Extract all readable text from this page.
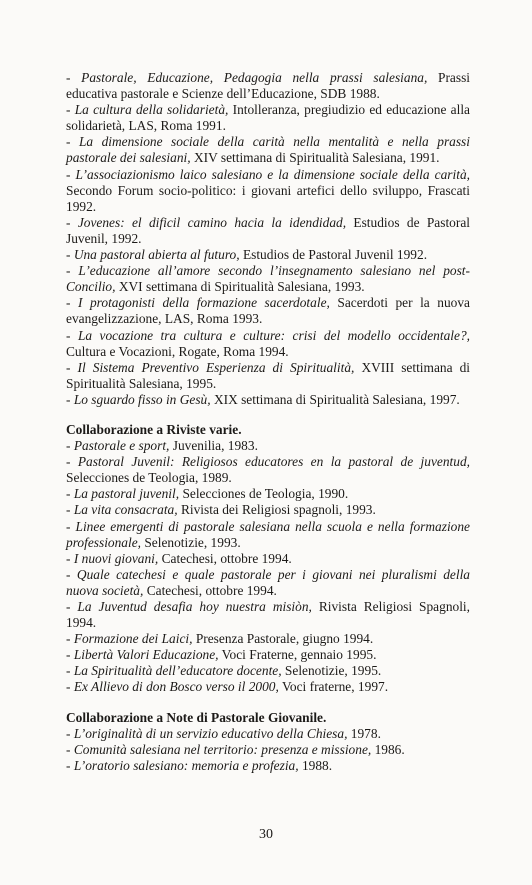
- Pastorale, Educazione, Pedagogia nella prassi salesiana, Prassi educativa pastorale e Scienze dell’Educazione, SDB 1988.

- La cultura della solidarietà, Intolleranza, pregiudizio ed educazione alla solidarietà, LAS, Roma 1991.

- La dimensione sociale della carità nella mentalità e nella prassi pastorale dei salesiani, XIV settimana di Spiritualità Salesiana, 1991.

- L’associazionismo laico salesiano e la dimensione sociale della carità, Secondo Forum socio-politico: i giovani artefici dello sviluppo, Frascati 1992.

- Jovenes: el dificil camino hacia la idendidad, Estudios de Pastoral Juvenil, 1992.

- Una pastoral abierta al futuro, Estudios de Pastoral Juvenil 1992.

- L’educazione all’amore secondo l’insegnamento salesiano nel post-Concilio, XVI settimana di Spiritualità Salesiana, 1993.

- I protagonisti della formazione sacerdotale, Sacerdoti per la nuova evangelizzazione, LAS, Roma 1993.

- La vocazione tra cultura e culture: crisi del modello occidentale?, Cultura e Vocazioni, Rogate, Roma 1994.

- Il Sistema Preventivo Esperienza di Spiritualità, XVIII settimana di Spiritualità Salesiana, 1995.

- Lo sguardo fisso in Gesù, XIX settimana di Spiritualità Salesiana, 1997.

Collaborazione a Riviste varie.

- Pastorale e sport, Juvenilia, 1983.

- Pastoral Juvenil: Religiosos educatores en la pastoral de juventud, Selecciones de Teologia, 1989.

- La pastoral juvenil, Selecciones de Teologia, 1990.

- La vita consacrata, Rivista dei Religiosi spagnoli, 1993.

- Linee emergenti di pastorale salesiana nella scuola e nella formazione professionale, Selenotizie, 1993.

- I nuovi giovani, Catechesi, ottobre 1994.

- Quale catechesi e quale pastorale per i giovani nei pluralismi della nuova società, Catechesi, ottobre 1994.

- La Juventud desafia hoy nuestra misiòn, Rivista Religiosi Spagnoli, 1994.

- Formazione dei Laici, Presenza Pastorale, giugno 1994.

- Libertà Valori Educazione, Voci Fraterne, gennaio 1995.

- La Spiritualità dell’educatore docente, Selenotizie, 1995.

- Ex Allievo di don Bosco verso il 2000, Voci fraterne, 1997.

Collaborazione a Note di Pastorale Giovanile.

- L’originalità di un servizio educativo della Chiesa, 1978.

- Comunità salesiana nel territorio: presenza e missione, 1986.

- L’oratorio salesiano: memoria e profezia, 1988.

30
